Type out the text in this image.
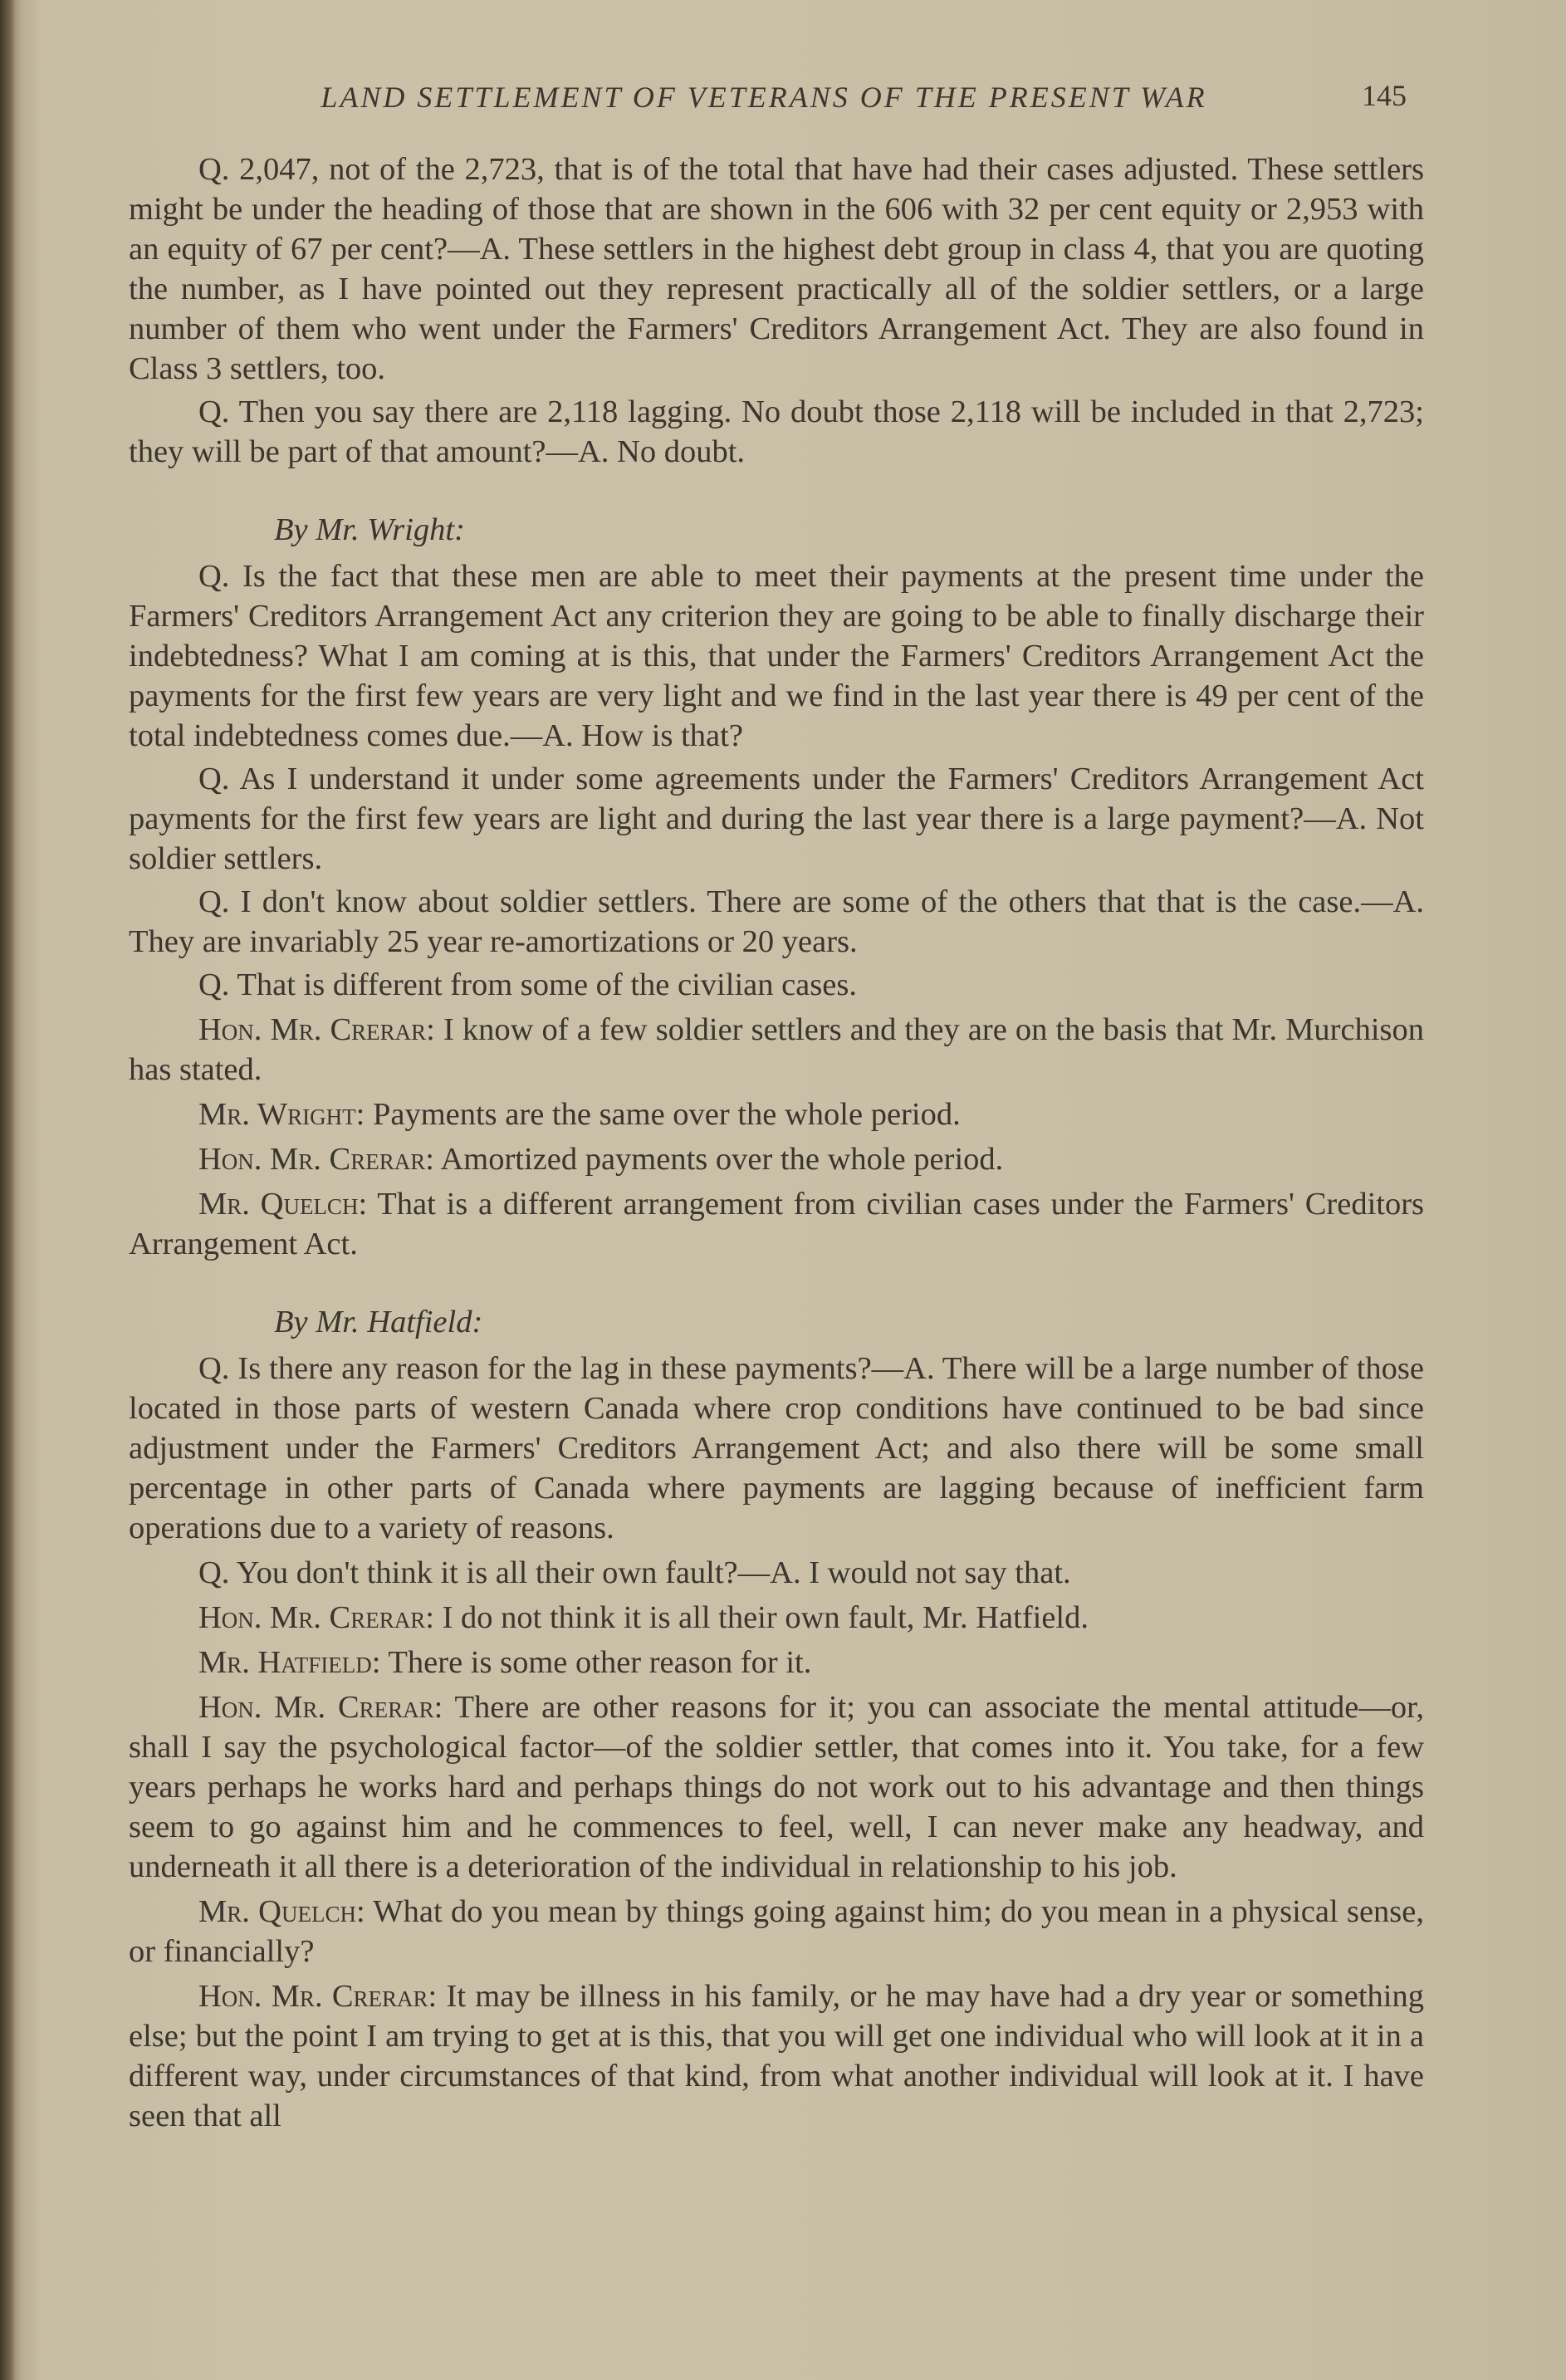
LAND SETTLEMENT OF VETERANS OF THE PRESENT WAR	145

Q. 2,047, not of the 2,723, that is of the total that have had their cases adjusted. These settlers might be under the heading of those that are shown in the 606 with 32 per cent equity or 2,953 with an equity of 67 per cent?—A. These settlers in the highest debt group in class 4, that you are quoting the number, as I have pointed out they represent practically all of the soldier settlers, or a large number of them who went under the Farmers' Creditors Arrangement Act. They are also found in Class 3 settlers, too.

Q. Then you say there are 2,118 lagging. No doubt those 2,118 will be included in that 2,723; they will be part of that amount?—A. No doubt.

By Mr. Wright:

Q. Is the fact that these men are able to meet their payments at the present time under the Farmers' Creditors Arrangement Act any criterion they are going to be able to finally discharge their indebtedness? What I am coming at is this, that under the Farmers' Creditors Arrangement Act the payments for the first few years are very light and we find in the last year there is 49 per cent of the total indebtedness comes due.—A. How is that?

Q. As I understand it under some agreements under the Farmers' Creditors Arrangement Act payments for the first few years are light and during the last year there is a large payment?—A. Not soldier settlers.

Q. I don't know about soldier settlers. There are some of the others that that is the case.—A. They are invariably 25 year re-amortizations or 20 years.

Q. That is different from some of the civilian cases.

Hon. Mr. Crerar: I know of a few soldier settlers and they are on the basis that Mr. Murchison has stated.

Mr. Wright: Payments are the same over the whole period.

Hon. Mr. Crerar: Amortized payments over the whole period.

Mr. Quelch: That is a different arrangement from civilian cases under the Farmers' Creditors Arrangement Act.

By Mr. Hatfield:

Q. Is there any reason for the lag in these payments?—A. There will be a large number of those located in those parts of western Canada where crop conditions have continued to be bad since adjustment under the Farmers' Creditors Arrangement Act; and also there will be some small percentage in other parts of Canada where payments are lagging because of inefficient farm operations due to a variety of reasons.

Q. You don't think it is all their own fault?—A. I would not say that.

Hon. Mr. Crerar: I do not think it is all their own fault, Mr. Hatfield.

Mr. Hatfield: There is some other reason for it.

Hon. Mr. Crerar: There are other reasons for it; you can associate the mental attitude—or, shall I say the psychological factor—of the soldier settler, that comes into it. You take, for a few years perhaps he works hard and perhaps things do not work out to his advantage and then things seem to go against him and he commences to feel, well, I can never make any headway, and underneath it all there is a deterioration of the individual in relationship to his job.

Mr. Quelch: What do you mean by things going against him; do you mean in a physical sense, or financially?

Hon. Mr. Crerar: It may be illness in his family, or he may have had a dry year or something else; but the point I am trying to get at is this, that you will get one individual who will look at it in a different way, under circumstances of that kind, from what another individual will look at it. I have seen that all
